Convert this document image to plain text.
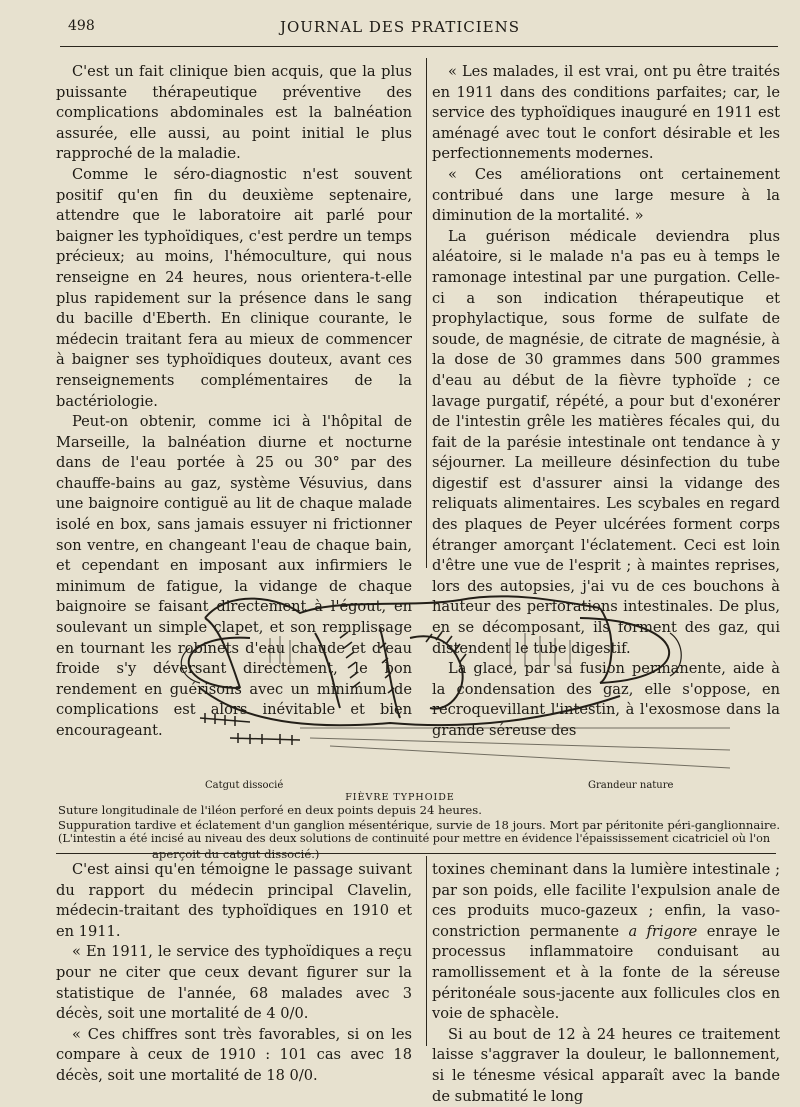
498	JOURNAL DES PRATICIENS

C'est un fait clinique bien acquis, que la plus puissante thérapeutique préventive des complications abdominales est la balnéation assurée, elle aussi, au point initial le plus rapproché de la maladie.

Comme le séro-diagnostic n'est souvent positif qu'en fin du deuxième septenaire, attendre que le laboratoire ait parlé pour baigner les typhoïdiques, c'est perdre un temps précieux; au moins, l'hémoculture, qui nous renseigne en 24 heures, nous orientera-t-elle plus rapidement sur la présence dans le sang du bacille d'Eberth. En clinique courante, le médecin traitant fera au mieux de commencer à baigner ses typhoïdiques douteux, avant ces renseignements complémentaires de la bactériologie.

Peut-on obtenir, comme ici à l'hôpital de Marseille, la balnéation diurne et nocturne dans de l'eau portée à 25 ou 30° par des chauffe-bains au gaz, système Vésuvius, dans une baignoire contiguë au lit de chaque malade isolé en box, sans jamais essuyer ni frictionner son ventre, en changeant l'eau de chaque bain, et cependant en imposant aux infirmiers le minimum de fatigue, la vidange de chaque baignoire se faisant directement à l'égout, en soulevant un simple clapet, et son remplissage en tournant les robinets d'eau chaude et d'eau froide s'y déversant directement, le bon rendement en guérisons avec un minimum de complications est alors inévitable et bien encourageant.

« Les malades, il est vrai, ont pu être traités en 1911 dans des conditions parfaites; car, le service des typhoïdiques inauguré en 1911 est aménagé avec tout le confort désirable et les perfectionnements modernes.

« Ces améliorations ont certainement contribué dans une large mesure à la diminution de la mortalité. »

La guérison médicale deviendra plus aléatoire, si le malade n'a pas eu à temps le ramonage intestinal par une purgation. Celle-ci a son indication thérapeutique et prophylactique, sous forme de sulfate de soude, de magnésie, de citrate de magnésie, à la dose de 30 grammes dans 500 grammes d'eau au début de la fièvre typhoïde ; ce lavage purgatif, répété, a pour but d'exonérer de l'intestin grêle les matières fécales qui, du fait de la parésie intestinale ont tendance à y séjourner. La meilleure désinfection du tube digestif est d'assurer ainsi la vidange des reliquats alimentaires. Les scybales en regard des plaques de Peyer ulcérées forment corps étranger amorçant l'éclatement. Ceci est loin d'être une vue de l'esprit ; à maintes reprises, lors des autopsies, j'ai vu de ces bouchons à hauteur des perforations intestinales. De plus, en se décomposant, ils forment des gaz, qui distendent le tube digestif.

La glace, par sa fusion permanente, aide à la condensation des gaz, elle s'oppose, en recroquevillant l'intestin, à l'exosmose dans la grande séreuse des

Catgut dissocié	Grandeur nature
FIÈVRE TYPHOIDE
Suture longitudinale de l'iléon perforé en deux points depuis 24 heures.
Suppuration tardive et éclatement d'un ganglion mésentérique, survie de 18 jours. Mort par péritonite péri-ganglionnaire.
(L'intestin a été incisé au niveau des deux solutions de continuité pour mettre en évidence l'épaississement cicatriciel où l'on
aperçoit du catgut dissocié.)

C'est ainsi qu'en témoigne le passage suivant du rapport du médecin principal Clavelin, médecin-traitant des typhoïdiques en 1910 et en 1911.

« En 1911, le service des typhoïdiques a reçu pour ne citer que ceux devant figurer sur la statistique de l'année, 68 malades avec 3 décès, soit une mortalité de 4 0/0.

« Ces chiffres sont très favorables, si on les compare à ceux de 1910 : 101 cas avec 18 décès, soit une mortalité de 18 0/0.

toxines cheminant dans la lumière intestinale ; par son poids, elle facilite l'expulsion anale de ces produits muco-gazeux ; enfin, la vaso-constriction permanente a frigore enraye le processus inflammatoire conduisant au ramollissement et à la fonte de la séreuse péritonéale sous-jacente aux follicules clos en voie de sphacèle.

Si au bout de 12 à 24 heures ce traitement laisse s'aggraver la douleur, le ballonnement, si le ténesme vésical apparaît avec la bande de submatité le long
